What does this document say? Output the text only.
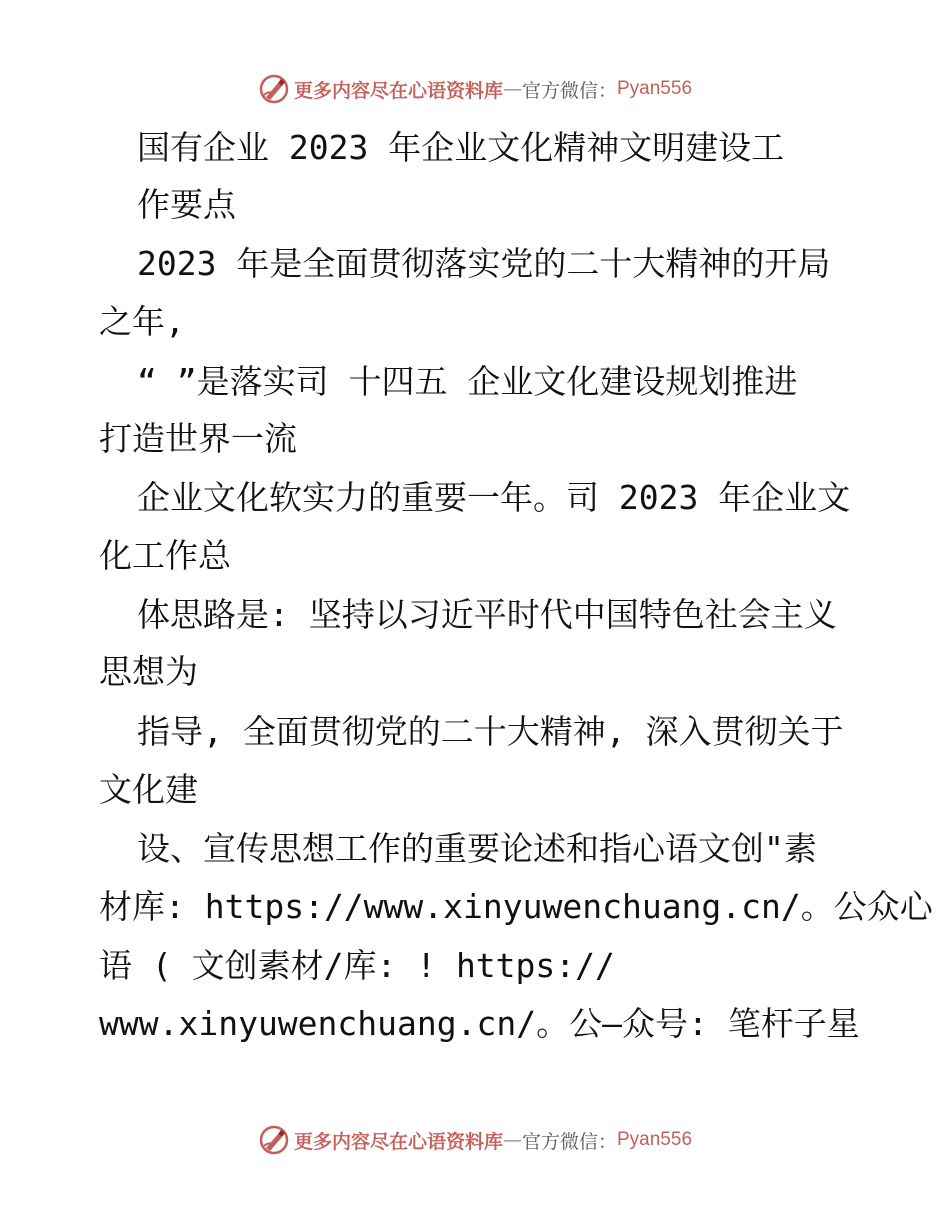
更多内容尽在心语资料库 — 官方微信： Pyan556
国有企业 2023 年企业文化精神文明建设工
作要点
2023 年是全面贯彻落实党的二十大精神的开局
之年,
“ ”是落实司 十四五 企业文化建设规划推进
打造世界一流
企业文化软实力的重要一年。司 2023 年企业文
化工作总
体思路是: 坚持以习近平时代中国特色社会主义
思想为
指导, 全面贯彻党的二十大精神, 深入贯彻关于
文化建
设、宣传思想工作的重要论述和指心语文创"素
材库: https://www.xinyuwenchuang.cn/。公众心
语 ( 文创素材/库: ! https://
www.xinyuwenchuang.cn/。公—众号: 笔杆子星
更多内容尽在心语资料库 — 官方微信： Pyan556
